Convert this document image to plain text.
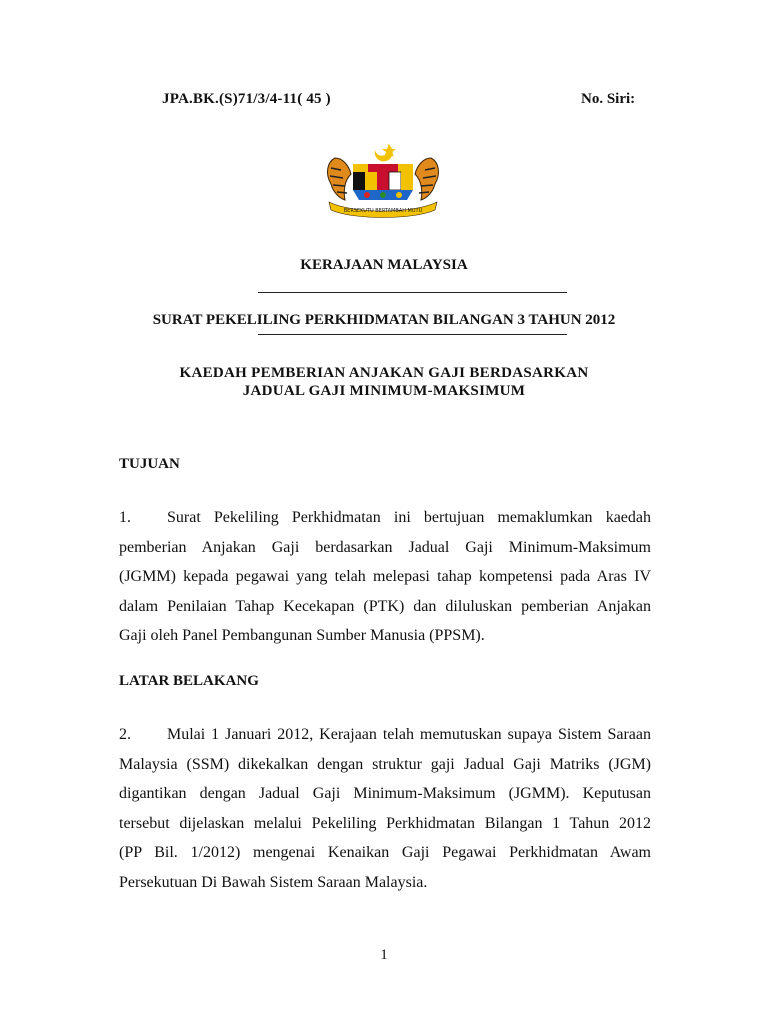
JPA.BK.(S)71/3/4-11( 45 )	No. Siri:
BERSEKUTU BERTAMBAH MUTU
KERAJAAN MALAYSIA
SURAT PEKELILING PERKHIDMATAN BILANGAN 3 TAHUN 2012
KAEDAH PEMBERIAN ANJAKAN GAJI BERDASARKAN
JADUAL GAJI MINIMUM-MAKSIMUM
TUJUAN
1. Surat Pekeliling Perkhidmatan ini bertujuan memaklumkan kaedah
pemberian Anjakan Gaji berdasarkan Jadual Gaji Minimum-Maksimum
(JGMM) kepada pegawai yang telah melepasi tahap kompetensi pada Aras IV
dalam Penilaian Tahap Kecekapan (PTK) dan diluluskan pemberian Anjakan
Gaji oleh Panel Pembangunan Sumber Manusia (PPSM).
LATAR BELAKANG
2. Mulai 1 Januari 2012, Kerajaan telah memutuskan supaya Sistem Saraan
Malaysia (SSM) dikekalkan dengan struktur gaji Jadual Gaji Matriks (JGM)
digantikan dengan Jadual Gaji Minimum-Maksimum (JGMM). Keputusan
tersebut dijelaskan melalui Pekeliling Perkhidmatan Bilangan 1 Tahun 2012
(PP Bil. 1/2012) mengenai Kenaikan Gaji Pegawai Perkhidmatan Awam
Persekutuan Di Bawah Sistem Saraan Malaysia.
1
